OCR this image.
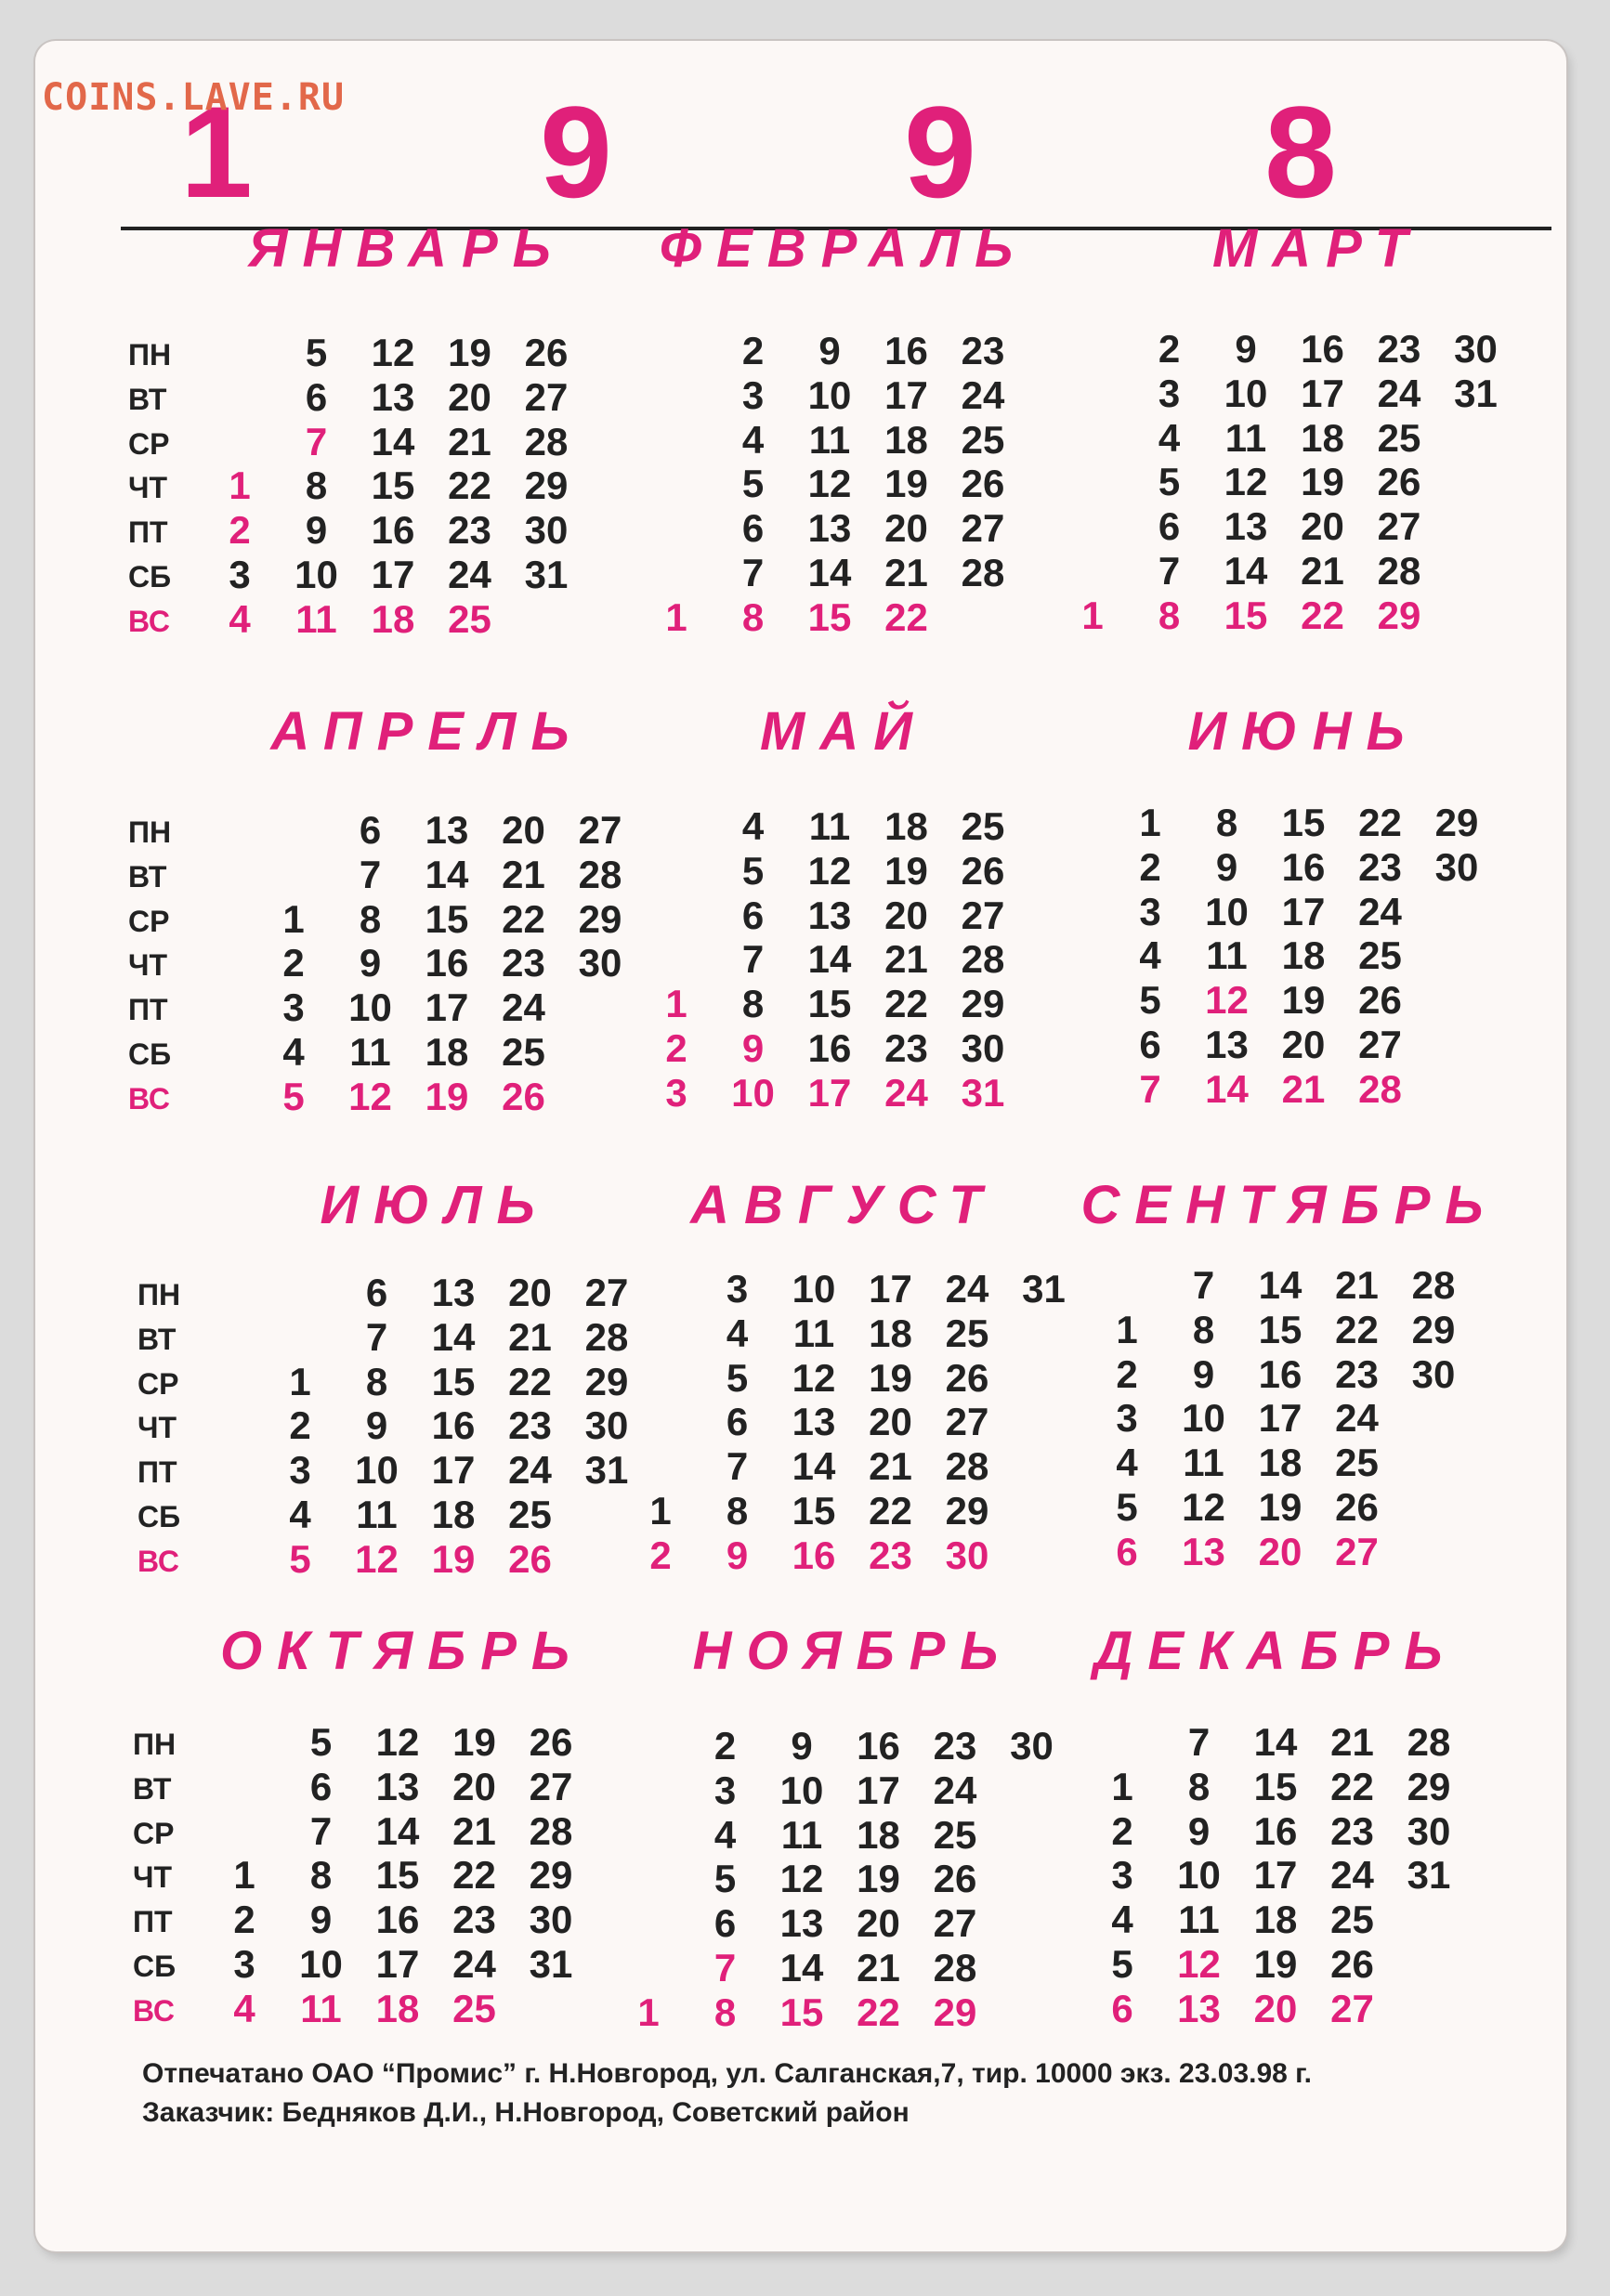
Отпечатано ОАО “Промис” г. Н.Новгород, ул. Салганская,7, тир. 10000 экз. 23.03.98 г.
Заказчик: Бедняков Д.И., Н.Новгород, Советский район
1 9 9 8
ЯНВАРЬ
ПН
ВТ
СР
ЧТ
ПТ
СБ
ВС
1
2
3
4
5
6
7
8
9
10
11
12
13
14
15
16
17
18
19
20
21
22
23
24
25
26
27
28
29
30
31
ФЕВРАЛЬ
1
2
3
4
5
6
7
8
9
10
11
12
13
14
15
16
17
18
19
20
21
22
23
24
25
26
27
28
МАРТ
1
2
3
4
5
6
7
8
9
10
11
12
13
14
15
16
17
18
19
20
21
22
23
24
25
26
27
28
29
30
31
АПРЕЛЬ
ПН
ВТ
СР
ЧТ
ПТ
СБ
ВС
1
2
3
4
5
6
7
8
9
10
11
12
13
14
15
16
17
18
19
20
21
22
23
24
25
26
27
28
29
30
МАЙ
1
2
3
4
5
6
7
8
9
10
11
12
13
14
15
16
17
18
19
20
21
22
23
24
25
26
27
28
29
30
31
ИЮНЬ
1
2
3
4
5
6
7
8
9
10
11
12
13
14
15
16
17
18
19
20
21
22
23
24
25
26
27
28
29
30
ИЮЛЬ
ПН
ВТ
СР
ЧТ
ПТ
СБ
ВС
1
2
3
4
5
6
7
8
9
10
11
12
13
14
15
16
17
18
19
20
21
22
23
24
25
26
27
28
29
30
31
АВГУСТ
1
2
3
4
5
6
7
8
9
10
11
12
13
14
15
16
17
18
19
20
21
22
23
24
25
26
27
28
29
30
31
СЕНТЯБРЬ
1
2
3
4
5
6
7
8
9
10
11
12
13
14
15
16
17
18
19
20
21
22
23
24
25
26
27
28
29
30
ОКТЯБРЬ
ПН
ВТ
СР
ЧТ
ПТ
СБ
ВС
1
2
3
4
5
6
7
8
9
10
11
12
13
14
15
16
17
18
19
20
21
22
23
24
25
26
27
28
29
30
31
НОЯБРЬ
1
2
3
4
5
6
7
8
9
10
11
12
13
14
15
16
17
18
19
20
21
22
23
24
25
26
27
28
29
30
ДЕКАБРЬ
1
2
3
4
5
6
7
8
9
10
11
12
13
14
15
16
17
18
19
20
21
22
23
24
25
26
27
28
29
30
31
COINS.LAVE.RU
